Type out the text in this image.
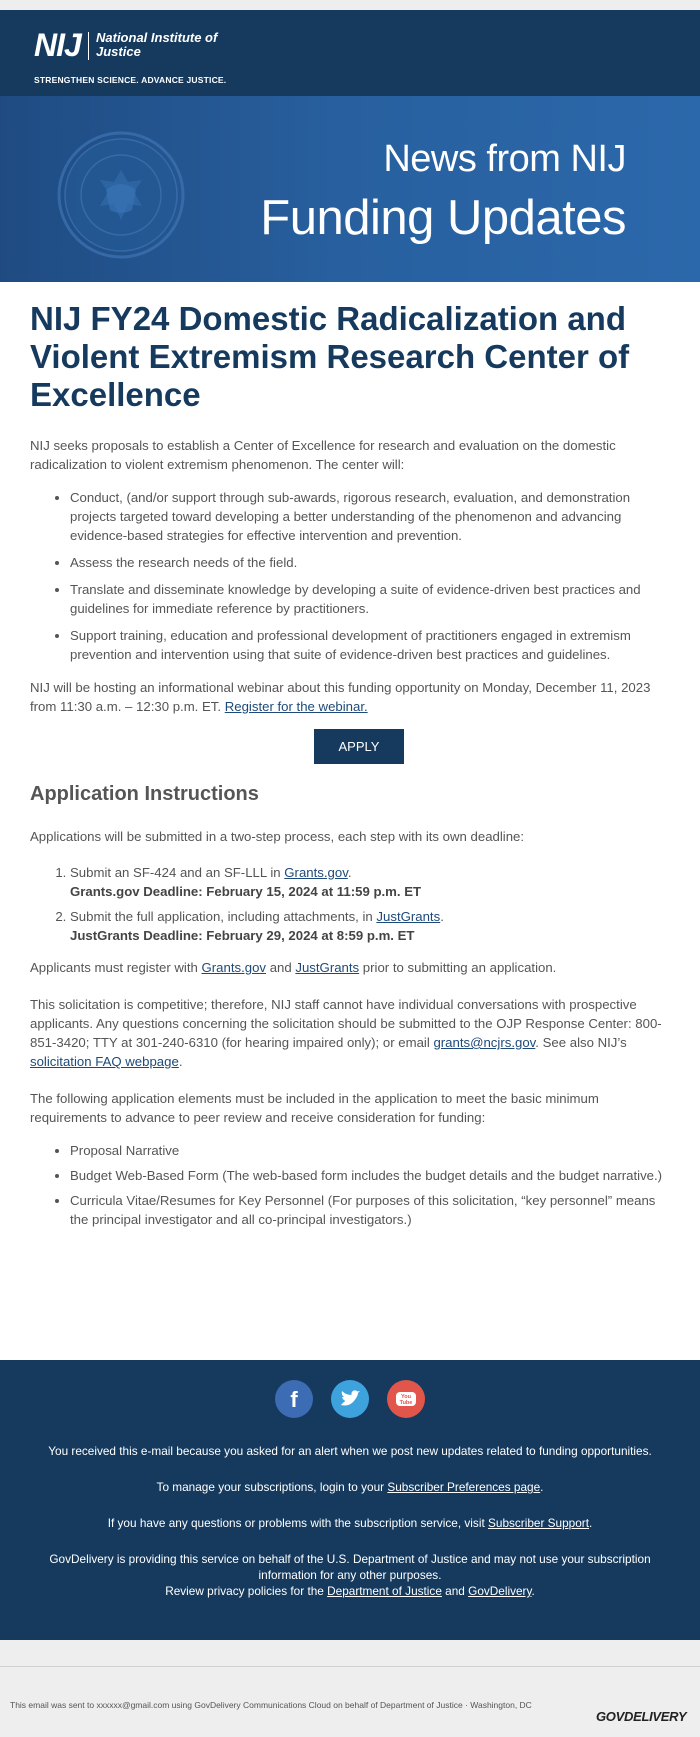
NIJ National Institute of Justice
STRENGTHEN SCIENCE. ADVANCE JUSTICE.
News from NIJ
Funding Updates
NIJ FY24 Domestic Radicalization and Violent Extremism Research Center of Excellence

NIJ seeks proposals to establish a Center of Excellence for research and evaluation on the domestic radicalization to violent extremism phenomenon. The center will:

• Conduct, (and/or support through sub-awards, rigorous research, evaluation, and demonstration projects targeted toward developing a better understanding of the phenomenon and advancing evidence-based strategies for effective intervention and prevention.
• Assess the research needs of the field.
• Translate and disseminate knowledge by developing a suite of evidence-driven best practices and guidelines for immediate reference by practitioners.
• Support training, education and professional development of practitioners engaged in extremism prevention and intervention using that suite of evidence-driven best practices and guidelines.

NIJ will be hosting an informational webinar about this funding opportunity on Monday, December 11, 2023 from 11:30 a.m. – 12:30 p.m. ET. Register for the webinar.

APPLY
Application Instructions

Applications will be submitted in a two-step process, each step with its own deadline:

1. Submit an SF-424 and an SF-LLL in Grants.gov.
Grants.gov Deadline: February 15, 2024 at 11:59 p.m. ET
2. Submit the full application, including attachments, in JustGrants.
JustGrants Deadline: February 29, 2024 at 8:59 p.m. ET

Applicants must register with Grants.gov and JustGrants prior to submitting an application.

This solicitation is competitive; therefore, NIJ staff cannot have individual conversations with prospective applicants. Any questions concerning the solicitation should be submitted to the OJP Response Center: 800-851-3420; TTY at 301-240-6310 (for hearing impaired only); or email grants@ncjrs.gov. See also NIJ’s solicitation FAQ webpage.

The following application elements must be included in the application to meet the basic minimum requirements to advance to peer review and receive consideration for funding:

• Proposal Narrative
• Budget Web-Based Form (The web-based form includes the budget details and the budget narrative.)
• Curricula Vitae/Resumes for Key Personnel (For purposes of this solicitation, “key personnel” means the principal investigator and all co-principal investigators.)
f

	You
Tube

You received this e-mail because you asked for an alert when we post new updates related to funding opportunities.

To manage your subscriptions, login to your Subscriber Preferences page.

If you have any questions or problems with the subscription service, visit Subscriber Support.

GovDelivery is providing this service on behalf of the U.S. Department of Justice and may not use your subscription information for any other purposes.
Review privacy policies for the Department of Justice and GovDelivery.

This email was sent to xxxxxx@gmail.com using GovDelivery Communications Cloud on behalf of Department of Justice · Washington, DC
GOVDELIVERY
